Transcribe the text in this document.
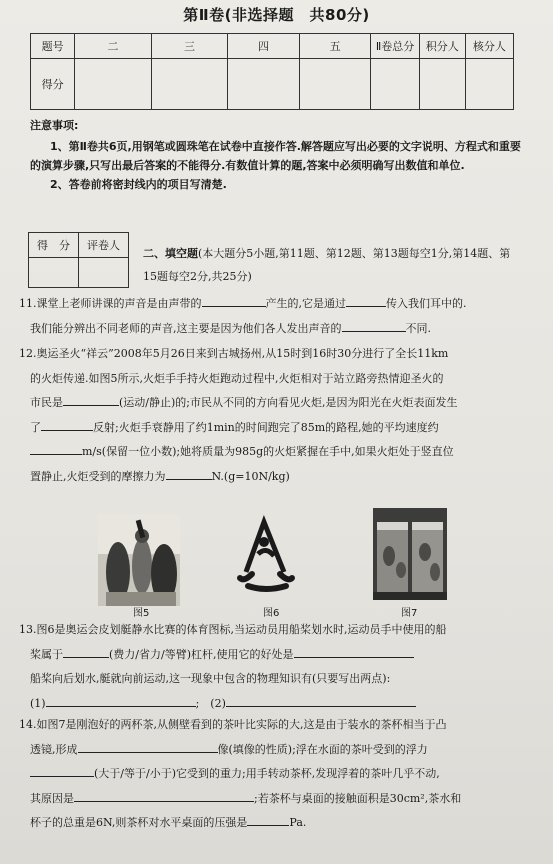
第Ⅱ卷(非选择题　共80分)
题号	二	三	四	五	Ⅱ卷总分	积分人	核分人
得分							
注意事项:

1、第Ⅱ卷共6页,用钢笔或圆珠笔在试卷中直接作答.解答题应写出必要的文字说明、方程式和重要的演算步骤,只写出最后答案的不能得分.有数值计算的题,答案中必须明确写出数值和单位.

2、答卷前将密封线内的项目写清楚.

得　分	评卷人

二、填空题(本大题分5小题,第11题、第12题、第13题每空1分,第14题、第15题每空2分,共25分)

11.课堂上老师讲课的声音是由声带的	产生的,它是通过	传入我们耳中的.

我们能分辨出不同老师的声音,这主要是因为他们各人发出声音的	不同.

12.奥运圣火“祥云”2008年5月26日来到古城扬州,从15时到16时30分进行了全长11km

的火炬传递.如图5所示,火炬手手持火炬跑动过程中,火炬相对于站立路旁热情迎圣火的

市民是	(运动/静止)的;市民从不同的方向看见火炬,是因为阳光在火炬表面发生

了	反射;火炬手衰静用了约1min的时间跑完了85m的路程,她的平均速度约

m/s(保留一位小数);她将质量为985g的火炬紧握在手中,如果火炬处于竖直位

置静止,火炬受到的摩擦力为	N.(g=10N/kg)

图5	图6	图7

13.图6是奥运会皮划艇静水比赛的体育图标,当运动员用船桨划水时,运动员手中使用的船

桨属于	(费力/省力/等臂)杠杆,使用它的好处是

船桨向后划水,艇就向前运动,这一现象中包含的物理知识有(只要写出两点):

(1)	;　(2)

14.如图7是刚泡好的两杯茶,从侧壁看到的茶叶比实际的大,这是由于装水的茶杯相当于凸

透镜,形成	像(填像的性质);浮在水面的茶叶受到的浮力

(大于/等于/小于)它受到的重力;用手转动茶杯,发现浮着的茶叶几乎不动,

其原因是	;若茶杯与桌面的接触面积是30cm²,茶水和

杯子的总重是6N,则茶杯对水平桌面的压强是	Pa.
